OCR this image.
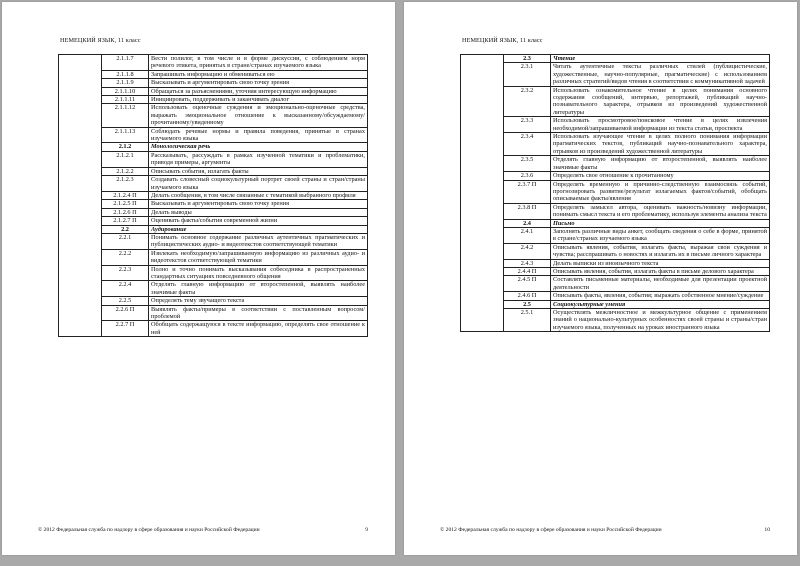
НЕМЕЦКИЙ ЯЗЫК, 11 класс
	2.1.1.7	Вести полилог, в том числе и в форме дискуссии, с соблюдением норм речевого этикета, принятых в стране/странах изучаемого языка
	2.1.1.8	Запрашивать информацию и обмениваться ею
	2.1.1.9	Высказывать и аргументировать свою точку зрения
	2.1.1.10	Обращаться за разъяснениями, уточняя интересующую информацию
	2.1.1.11	Инициировать, поддерживать и заканчивать диалог
	2.1.1.12	Использовать оценочные суждения и эмоционально-оценочные средства, выражать эмоциональное отношение к высказанному/обсуждаемому/прочитанному/увиденному
	2.1.1.13	Соблюдать речевые нормы и правила поведения, принятые в странах изучаемого языка
	2.1.2	Монологическая речь
	2.1.2.1	Рассказывать, рассуждать в рамках изученной тематики и проблематики, приводя примеры, аргументы
	2.1.2.2	Описывать события, излагать факты
	2.1.2.3	Создавать словесный социокультурный портрет своей страны и стран/страны изучаемого языка
	2.1.2.4 П	Делать сообщения, в том числе связанные с тематикой выбранного профиля
	2.1.2.5 П	Высказывать и аргументировать свою точку зрения
	2.1.2.6 П	Делать выводы
	2.1.2.7 П	Оценивать факты/события современной жизни
	2.2	Аудирование
	2.2.1	Понимать основное содержание различных аутентичных прагматических и публицистических аудио- и видеотекстов соответствующей тематики
	2.2.2	Извлекать необходимую/запрашиваемую информацию из различных аудио- и видеотекстов соответствующей тематики
	2.2.3	Полно и точно понимать высказывания собеседника в распространенных стандартных ситуациях повседневного общения
	2.2.4	Отделять главную информацию от второстепенной, выявлять наиболее значимые факты
	2.2.5	Определять тему звучащего текста
	2.2.6 П	Выявлять факты/примеры в соответствии с поставленным вопросом/проблемой
	2.2.7 П	Обобщать содержащуюся в тексте информацию, определять свое отношение к ней
© 2012 Федеральная служба по надзору в сфере образования и науки Российской Федерации	9
НЕМЕЦКИЙ ЯЗЫК, 11 класс
	2.3	Чтение
	2.3.1	Читать аутентичные тексты различных стилей (публицистические, художественные, научно-популярные, прагматические) с использованием различных стратегий/видов чтения в соответствии с коммуникативной задачей
	2.3.2	Использовать ознакомительное чтение в целях понимания основного содержания сообщений, интервью, репортажей, публикаций научно-познавательного характера, отрывков из произведений художественной литературы
	2.3.3	Использовать просмотровое/поисковое чтение в целях извлечения необходимой/запрашиваемой информации из текста статьи, проспекта
	2.3.4	Использовать изучающее чтение в целях полного понимания информации прагматических текстов, публикаций научно-познавательного характера, отрывков из произведений художественной литературы
	2.3.5	Отделять главную информацию от второстепенной, выявлять наиболее значимые факты
	2.3.6	Определять свое отношение к прочитанному
	2.3.7 П	Определять временную и причинно-следственную взаимосвязь событий, прогнозировать развитие/результат излагаемых фактов/событий, обобщать описываемые факты/явления
	2.3.8 П	Определять замысел автора, оценивать важность/новизну информации, понимать смысл текста и его проблематику, используя элементы анализа текста
	2.4	Письмо
	2.4.1	Заполнять различные виды анкет, сообщать сведения о себе в форме, принятой в стране/странах изучаемого языка
	2.4.2	Описывать явления, события, излагать факты, выражая свои суждения и чувства; расспрашивать о новостях и излагать их в письме личного характера
	2.4.3	Делать выписки из иноязычного текста
	2.4.4 П	Описывать явления, события, излагать факты в письме делового характера
	2.4.5 П	Составлять письменные материалы, необходимые для презентации проектной деятельности
	2.4.6 П	Описывать факты, явления, события; выражать собственное мнение/суждение
	2.5	Социокультурные умения
	2.5.1	Осуществлять межличностное и межкультурное общение с применением знаний о национально-культурных особенностях своей страны и страны/стран изучаемого языка, полученных на уроках иностранного языка
© 2012 Федеральная служба по надзору в сфере образования и науки Российской Федерации	10
